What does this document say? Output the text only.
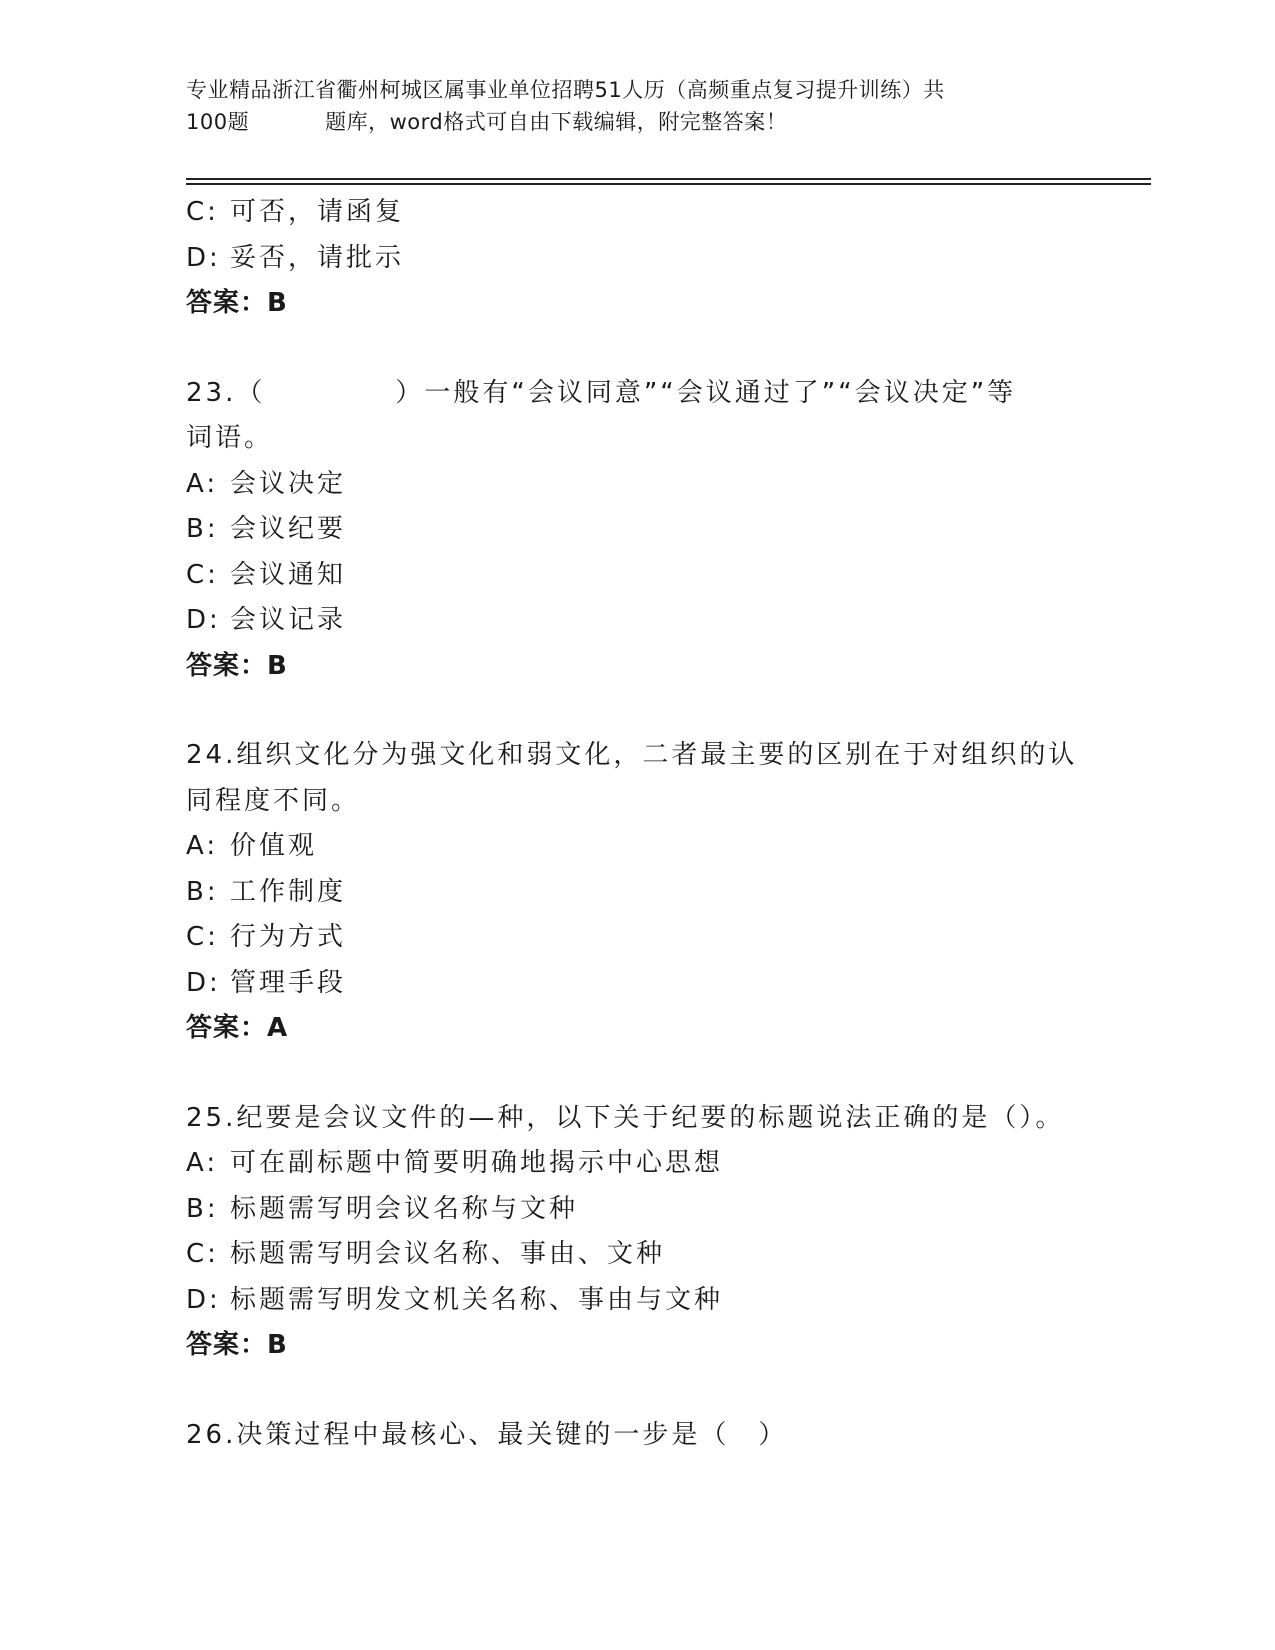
专业精品浙江省衢州柯城区属事业单位招聘51人历（高频重点复习提升训练）共
100题	题库，word格式可自由下载编辑，附完整答案！
C: 可否，请函复
D: 妥否，请批示
答案：B
23.（	）一般有“会议同意”“会议通过了”“会议决定”等
词语。
A: 会议决定
B: 会议纪要
C: 会议通知
D: 会议记录
答案：B
24.组织文化分为强文化和弱文化，二者最主要的区别在于对组织的认
同程度不同。
A: 价值观
B: 工作制度
C: 行为方式
D: 管理手段
答案：A
25.纪要是会议文件的—种，以下关于纪要的标题说法正确的是（）。
A: 可在副标题中简要明确地揭示中心思想
B: 标题需写明会议名称与文种
C: 标题需写明会议名称、事由、文种
D: 标题需写明发文机关名称、事由与文种
答案：B
26.决策过程中最核心、最关键的一步是（　）
